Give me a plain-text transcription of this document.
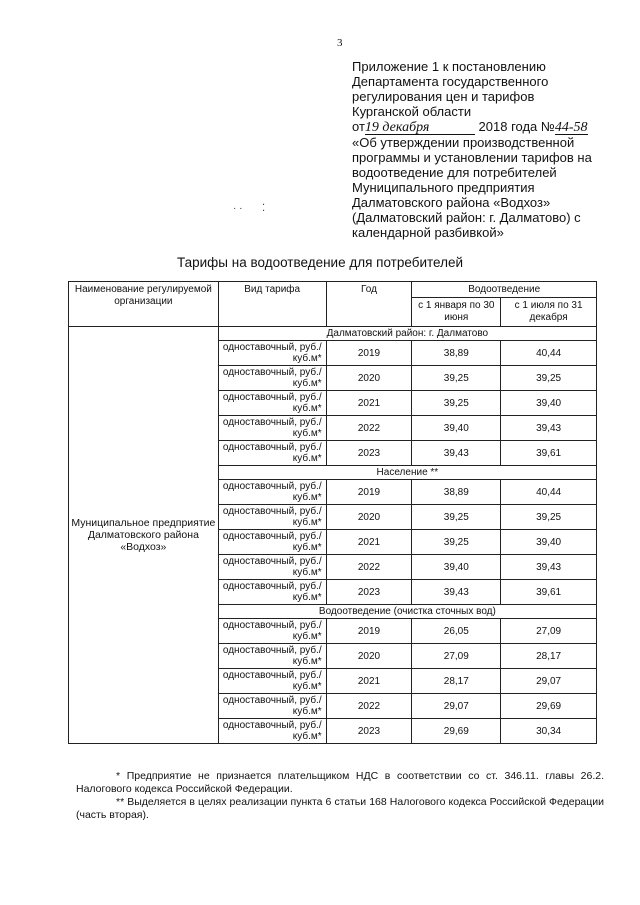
3
Приложение 1 к постановлению
Департамента государственного
регулирования цен и тарифов
Курганской области
от19 декабря	2018 года №44-58
«Об утверждении производственной
программы и установлении тарифов на
водоотведение для потребителей
Муниципального предприятия
Далматовского района «Водхоз»
(Далматовский район: г. Далматово) с
календарной разбивкой»
· · ⁚
Тарифы на водоотведение для потребителей
Наименование регулируемой организации	Вид тарифа	Год	Водоотведение	
			с 1 января по 30 июня	с 1 июля по 31 декабря
Муниципальное предприятие Далматовского района «Водхоз»	Далматовский район: г. Далматово			
	одноставочный, руб./куб.м*	2019	38,89	40,44
	одноставочный, руб./куб.м*	2020	39,25	39,25
	одноставочный, руб./куб.м*	2021	39,25	39,40
	одноставочный, руб./куб.м*	2022	39,40	39,43
	одноставочный, руб./куб.м*	2023	39,43	39,61
	Население **			
	одноставочный, руб./куб.м*	2019	38,89	40,44
	одноставочный, руб./куб.м*	2020	39,25	39,25
	одноставочный, руб./куб.м*	2021	39,25	39,40
	одноставочный, руб./куб.м*	2022	39,40	39,43
	одноставочный, руб./куб.м*	2023	39,43	39,61
	Водоотведение (очистка сточных вод)			
	одноставочный, руб./куб.м*	2019	26,05	27,09
	одноставочный, руб./куб.м*	2020	27,09	28,17
	одноставочный, руб./куб.м*	2021	28,17	29,07
	одноставочный, руб./куб.м*	2022	29,07	29,69
	одноставочный, руб./куб.м*	2023	29,69	30,34

* Предприятие не признается плательщиком НДС в соответствии со ст. 346.11. главы 26.2. Налогового кодекса Российской Федерации.

** Выделяется в целях реализации пункта 6 статьи 168 Налогового кодекса Российской Федерации (часть вторая).
